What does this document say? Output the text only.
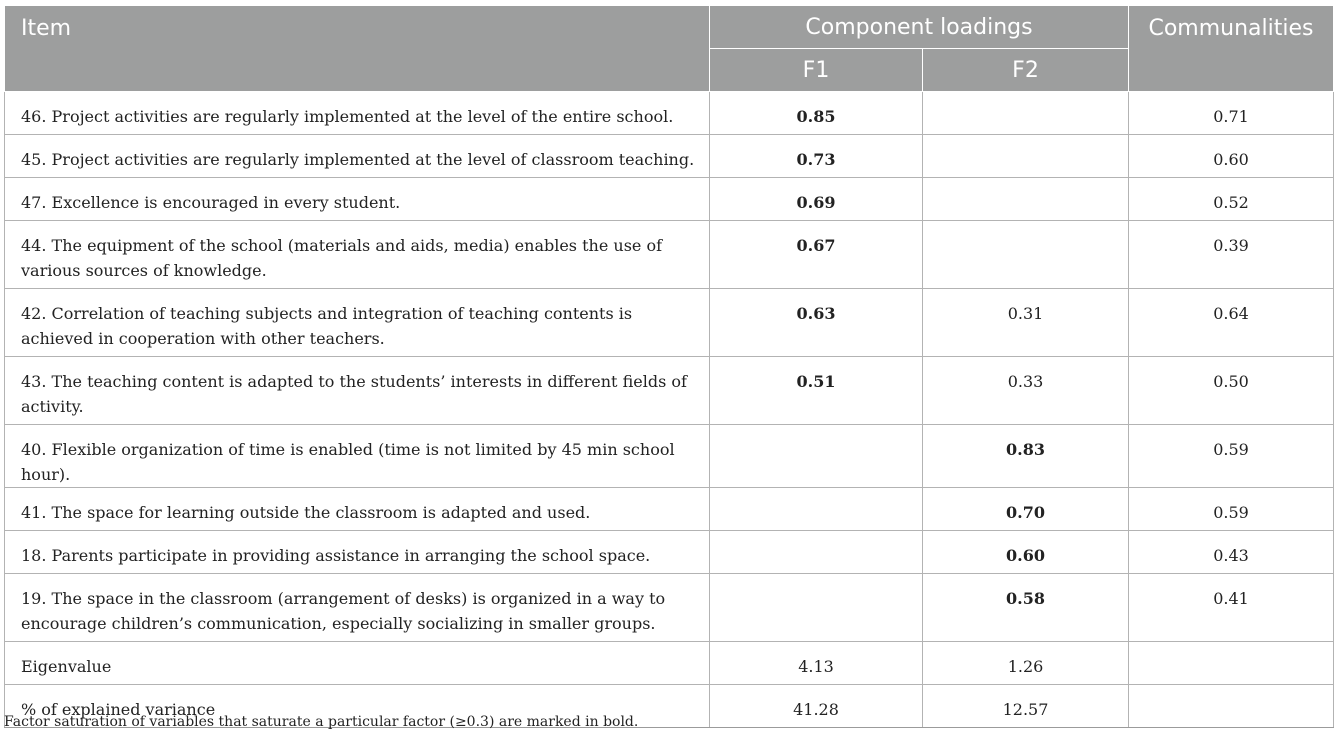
Item	Component loadings		Communalities
	F1	F2	
46. Project activities are regularly implemented at the level of the entire school.	0.85		0.71
45. Project activities are regularly implemented at the level of classroom teaching.	0.73		0.60
47. Excellence is encouraged in every student.	0.69		0.52
44. The equipment of the school (materials and aids, media) enables the use of various sources of knowledge.	0.67		0.39
42. Correlation of teaching subjects and integration of teaching contents is achieved in cooperation with other teachers.	0.63	0.31	0.64
43. The teaching content is adapted to the students’ interests in different fields of activity.	0.51	0.33	0.50
40. Flexible organization of time is enabled (time is not limited by 45 min school hour).		0.83	0.59
41. The space for learning outside the classroom is adapted and used.		0.70	0.59
18. Parents participate in providing assistance in arranging the school space.		0.60	0.43
19. The space in the classroom (arrangement of desks) is organized in a way to encourage children’s communication, especially socializing in smaller groups.		0.58	0.41
Eigenvalue	4.13	1.26	
% of explained variance	41.28	12.57	
Factor saturation of variables that saturate a particular factor (≥0.3) are marked in bold.
